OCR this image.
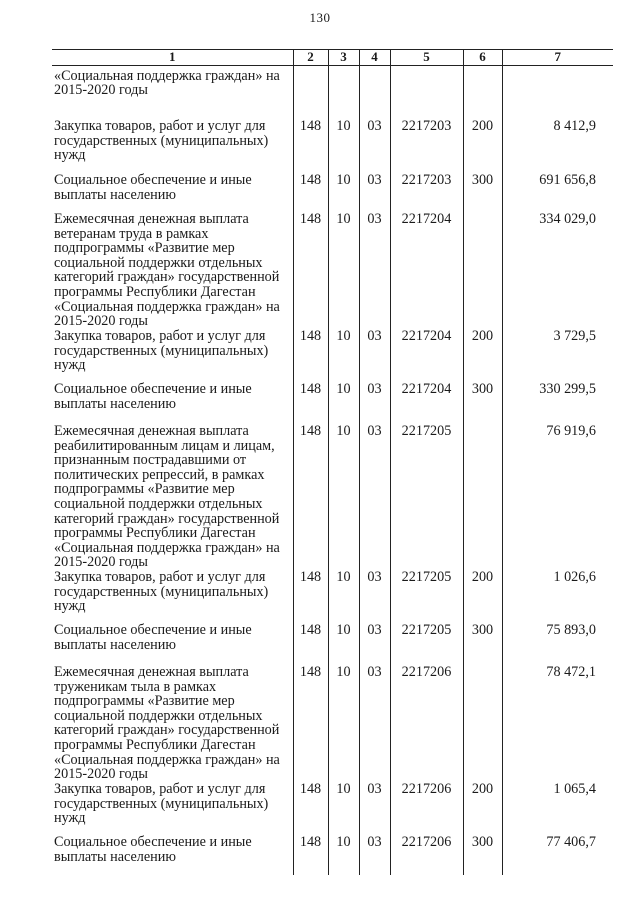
130
1	2	3	4	5	6	7
«Социальная поддержка граждан» на 2015-2020 годы						
Закупка товаров, работ и услуг для государственных (муниципальных) нужд	148	10	03	2217203	200	8 412,9
Социальное обеспечение и иные выплаты населению	148	10	03	2217203	300	691 656,8
Ежемесячная денежная выплата ветеранам труда в рамках подпрограммы «Развитие мер социальной поддержки отдельных категорий граждан» государственной программы Республики Дагестан «Социальная поддержка граждан» на 2015-2020 годы	148	10	03	2217204		334 029,0
Закупка товаров, работ и услуг для государственных (муниципальных) нужд	148	10	03	2217204	200	3 729,5
Социальное обеспечение и иные выплаты населению	148	10	03	2217204	300	330 299,5
Ежемесячная денежная выплата реабилитированным лицам и лицам, признанным пострадавшими от политических репрессий, в рамках подпрограммы «Развитие мер социальной поддержки отдельных категорий граждан» государственной программы Республики Дагестан «Социальная поддержка граждан» на 2015-2020 годы	148	10	03	2217205		76 919,6
Закупка товаров, работ и услуг для государственных (муниципальных) нужд	148	10	03	2217205	200	1 026,6
Социальное обеспечение и иные выплаты населению	148	10	03	2217205	300	75 893,0
Ежемесячная денежная выплата труженикам тыла в рамках подпрограммы «Развитие мер социальной поддержки отдельных категорий граждан» государственной программы Республики Дагестан «Социальная поддержка граждан» на 2015-2020 годы	148	10	03	2217206		78 472,1
Закупка товаров, работ и услуг для государственных (муниципальных) нужд	148	10	03	2217206	200	1 065,4
Социальное обеспечение и иные выплаты населению	148	10	03	2217206	300	77 406,7
